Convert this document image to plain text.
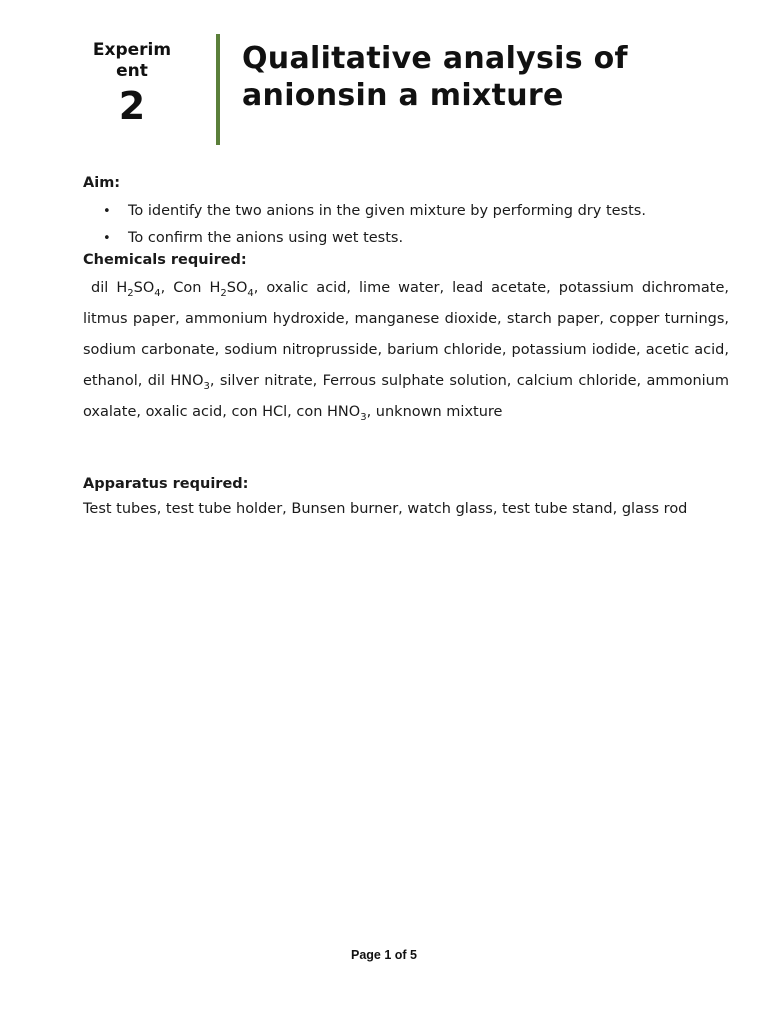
Experim ent
2
Qualitative analysis of anionsin a mixture
Aim:
• To identify the two anions in the given mixture by performing dry tests.
• To confirm the anions using wet tests.
Chemicals required:
dil $H_2SO_4$, Con $H_2SO_4$, oxalic acid, lime water, lead acetate, potassium dichromate, litmus paper, ammonium hydroxide, manganese dioxide, starch paper, copper turnings, sodium carbonate, sodium nitroprusside, barium chloride, potassium iodide, acetic acid, ethanol, dil $HNO_3$, silver nitrate, Ferrous sulphate solution, calcium chloride, ammonium oxalate, oxalic acid, con HCl, con $HNO_3$, unknown mixture
Apparatus required:
Test tubes, test tube holder, Bunsen burner, watch glass, test tube stand, glass rod
Page 1 of 5
